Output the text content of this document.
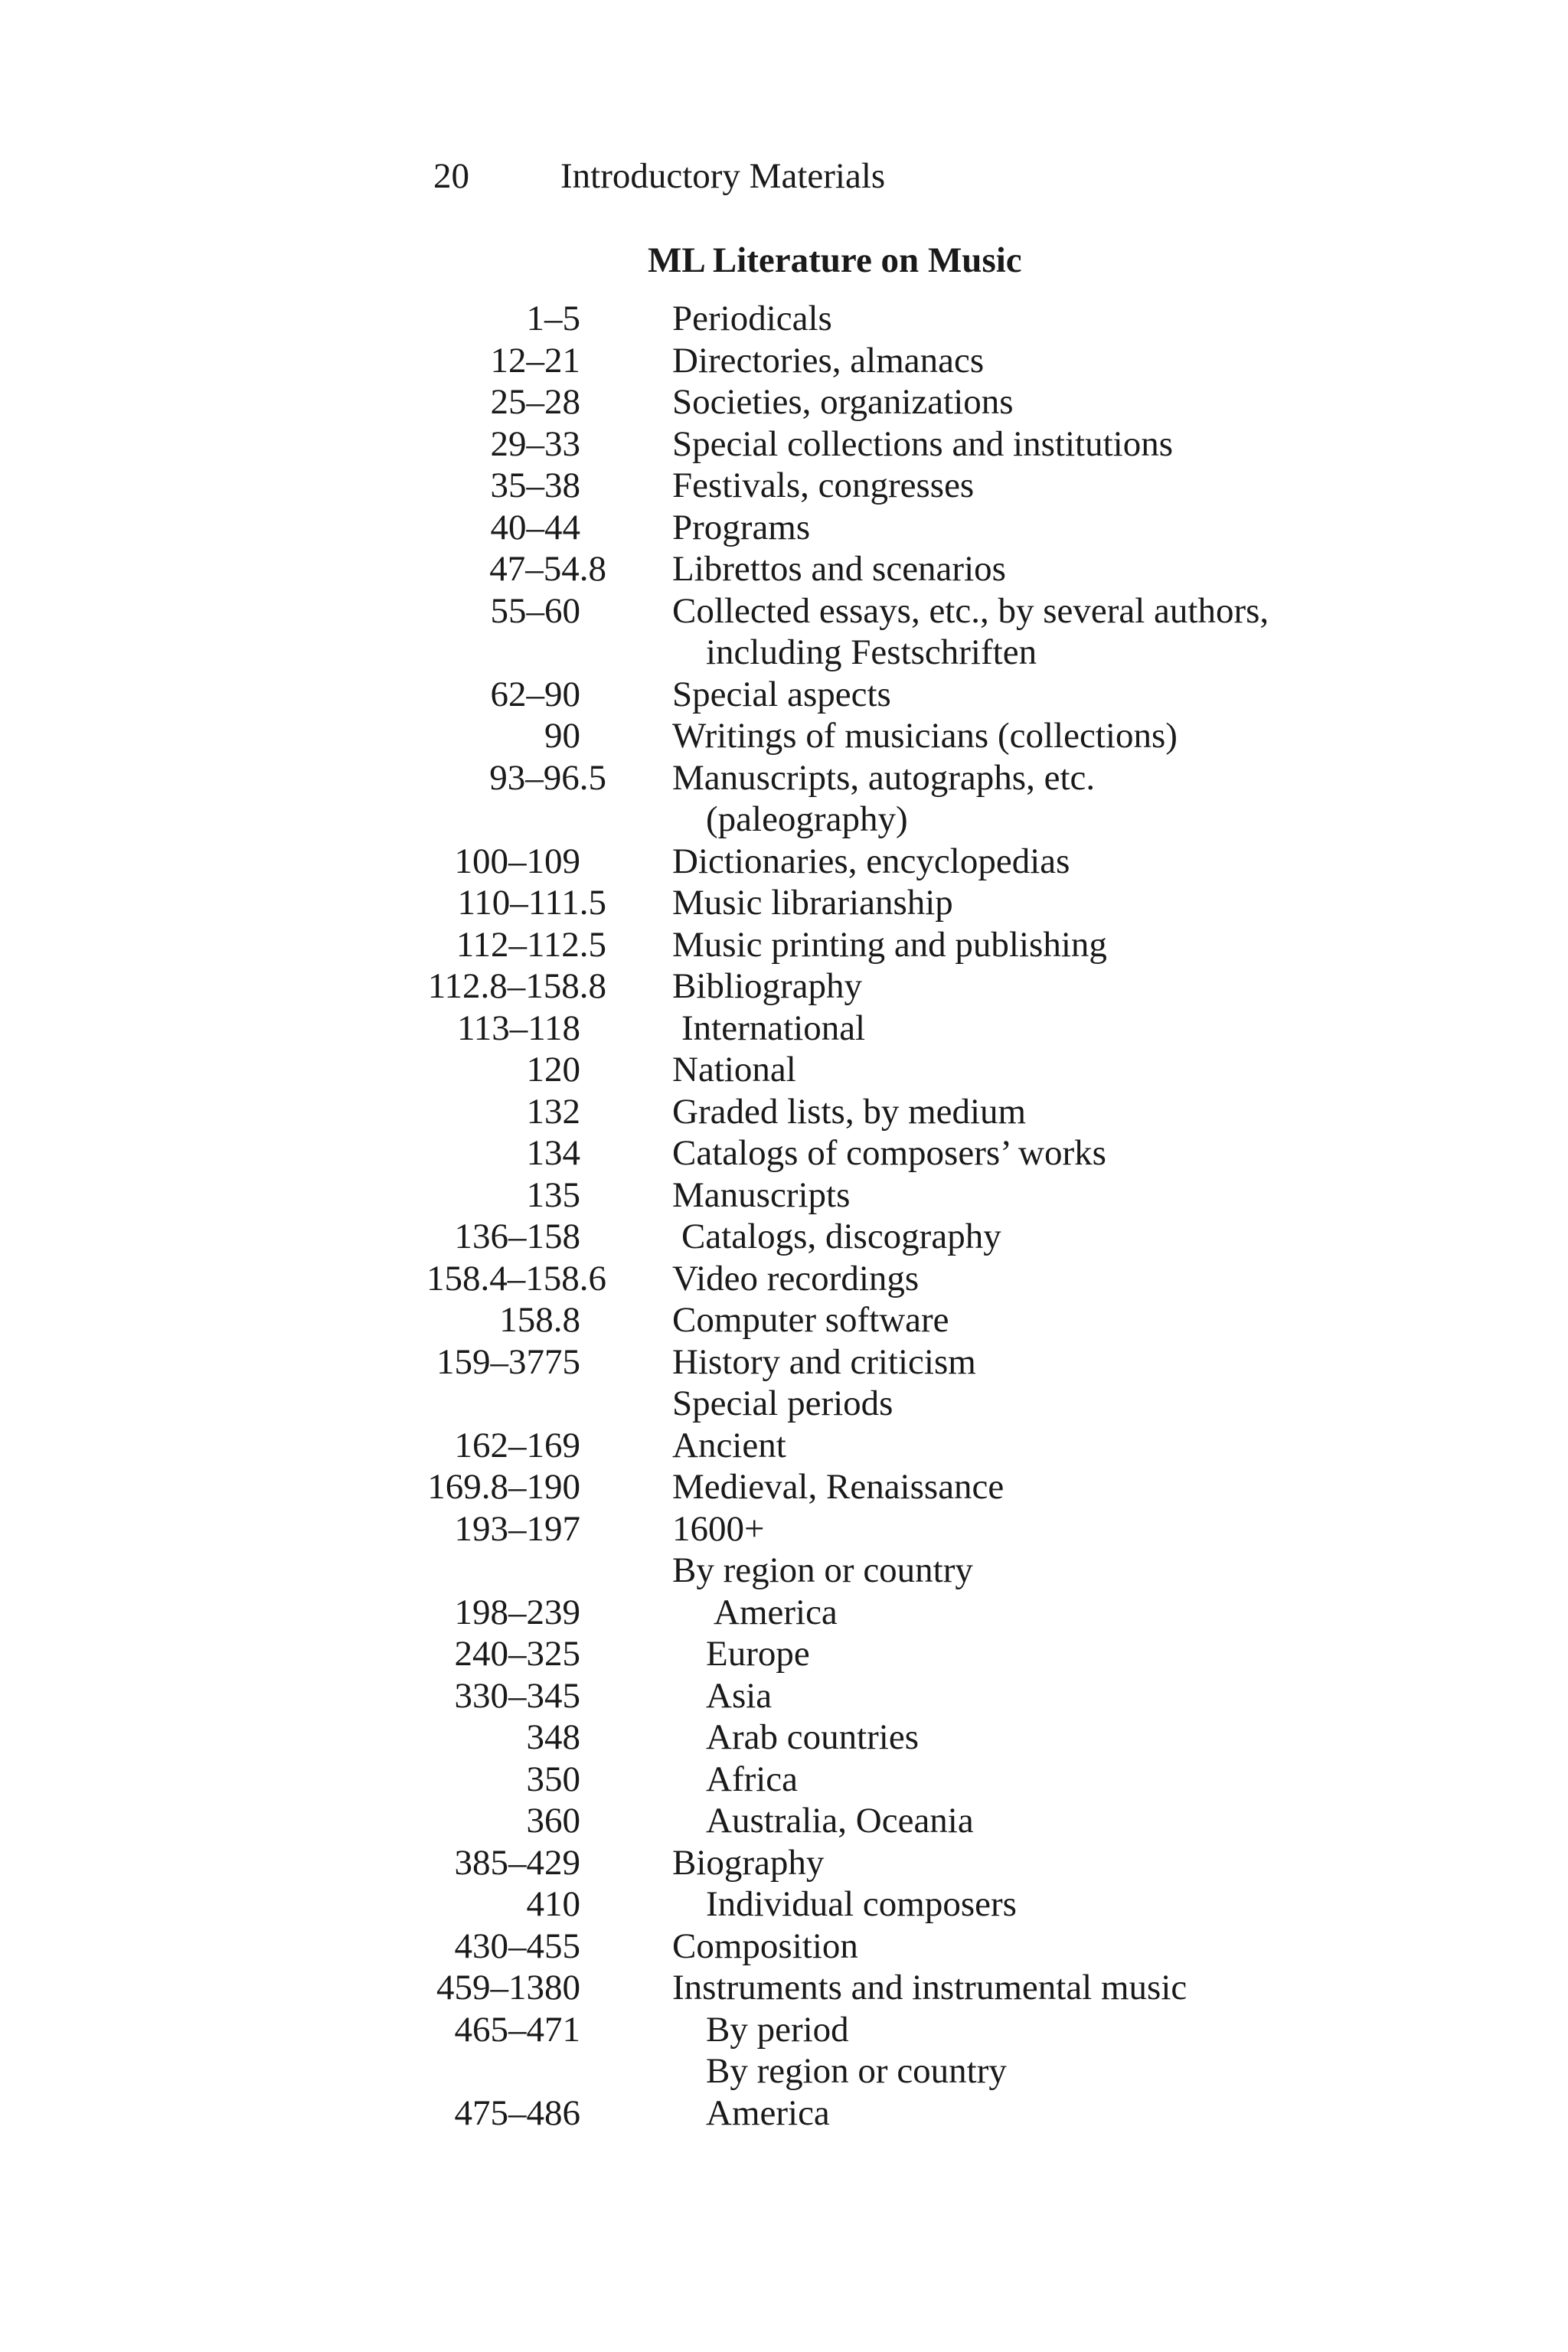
20	Introductory Materials
ML Literature on Music
1–5	Periodicals
12–21	Directories, almanacs
25–28	Societies, organizations
29–33	Special collections and institutions
35–38	Festivals, congresses
40–44	Programs
47–54.8 Librettos and scenarios
55–60	Collected essays, etc., by several authors,
including Festschriften
62–90	Special aspects
90	Writings of musicians (collections)
93–96.5 Manuscripts, autographs, etc.
(paleography)
100–109	Dictionaries, encyclopedias
110–111.5 Music librarianship
112–112.5 Music printing and publishing
112.8–158.8 Bibliography
113–118	International
120	National
132	Graded lists, by medium
134	Catalogs of composers’ works
135	Manuscripts
136–158	Catalogs, discography
158.4–158.6 Video recordings
158.8	Computer software
159–3775	History and criticism
Special periods
162–169	Ancient
169.8–190	Medieval, Renaissance
193–197	1600+
By region or country
198–239	America
240–325	Europe
330–345	Asia
348	Arab countries
350	Africa
360	Australia, Oceania
385–429	Biography
410	Individual composers
430–455	Composition
459–1380	Instruments and instrumental music
465–471	By period
By region or country
475–486	America
